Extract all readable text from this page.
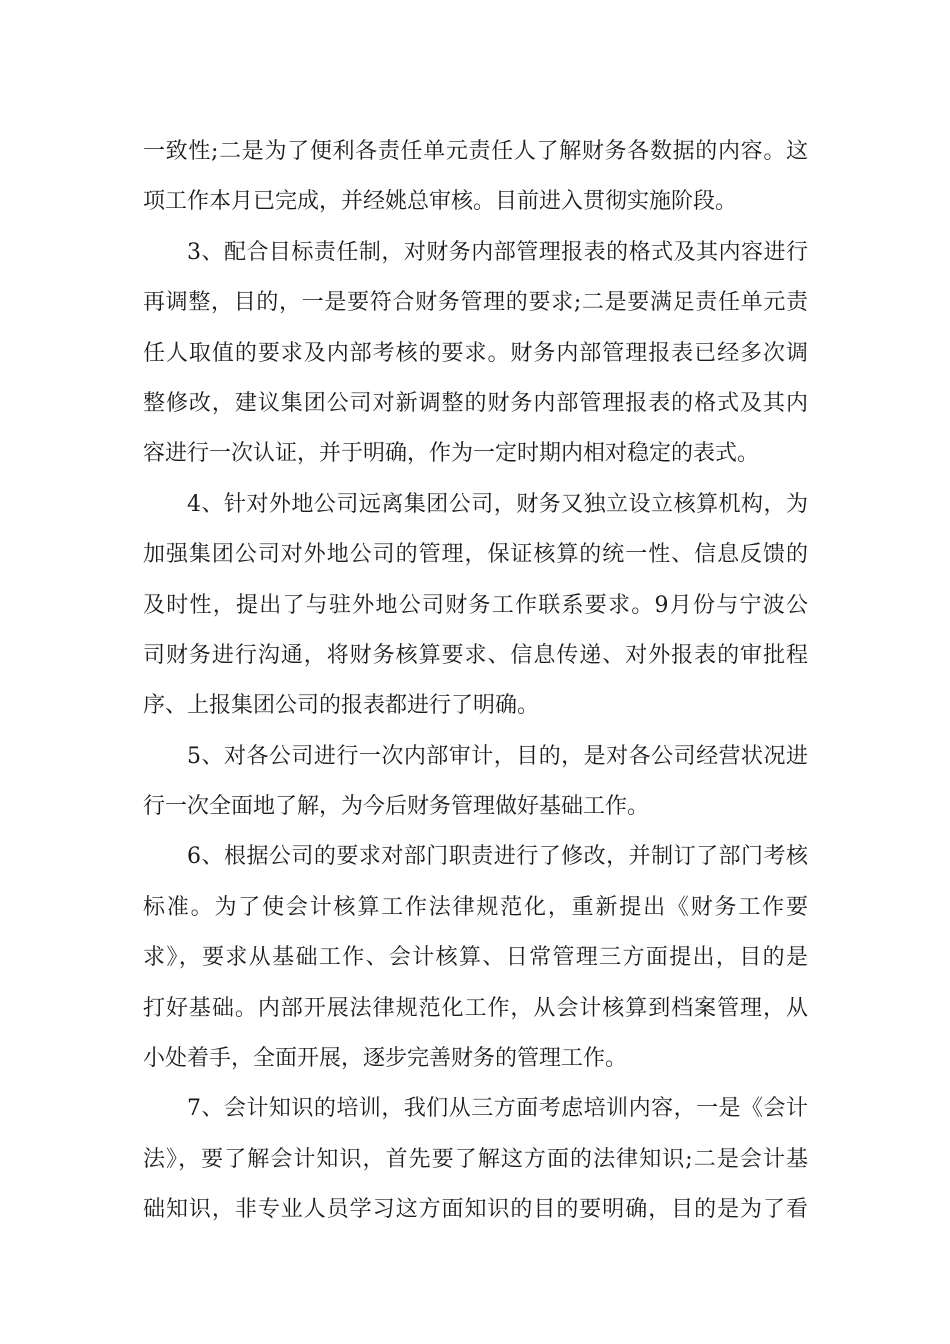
一致性;二是为了便利各责任单元责任人了解财务各数据的内容。这
项工作本月已完成，并经姚总审核。目前进入贯彻实施阶段。
3、配合目标责任制，对财务内部管理报表的格式及其内容进行
再调整，目的，一是要符合财务管理的要求;二是要满足责任单元责
任人取值的要求及内部考核的要求。财务内部管理报表已经多次调
整修改，建议集团公司对新调整的财务内部管理报表的格式及其内
容进行一次认证，并于明确，作为一定时期内相对稳定的表式。
4、针对外地公司远离集团公司，财务又独立设立核算机构，为
加强集团公司对外地公司的管理，保证核算的统一性、信息反馈的
及时性，提出了与驻外地公司财务工作联系要求。9月份与宁波公
司财务进行沟通，将财务核算要求、信息传递、对外报表的审批程
序、上报集团公司的报表都进行了明确。
5、对各公司进行一次内部审计，目的，是对各公司经营状况进
行一次全面地了解，为今后财务管理做好基础工作。
6、根据公司的要求对部门职责进行了修改，并制订了部门考核
标准。为了使会计核算工作法律规范化，重新提出《财务工作要
求》，要求从基础工作、会计核算、日常管理三方面提出，目的是
打好基础。内部开展法律规范化工作，从会计核算到档案管理，从
小处着手，全面开展，逐步完善财务的管理工作。
7、会计知识的培训，我们从三方面考虑培训内容，一是《会计
法》，要了解会计知识，首先要了解这方面的法律知识;二是会计基
础知识，非专业人员学习这方面知识的目的要明确，目的是为了看
